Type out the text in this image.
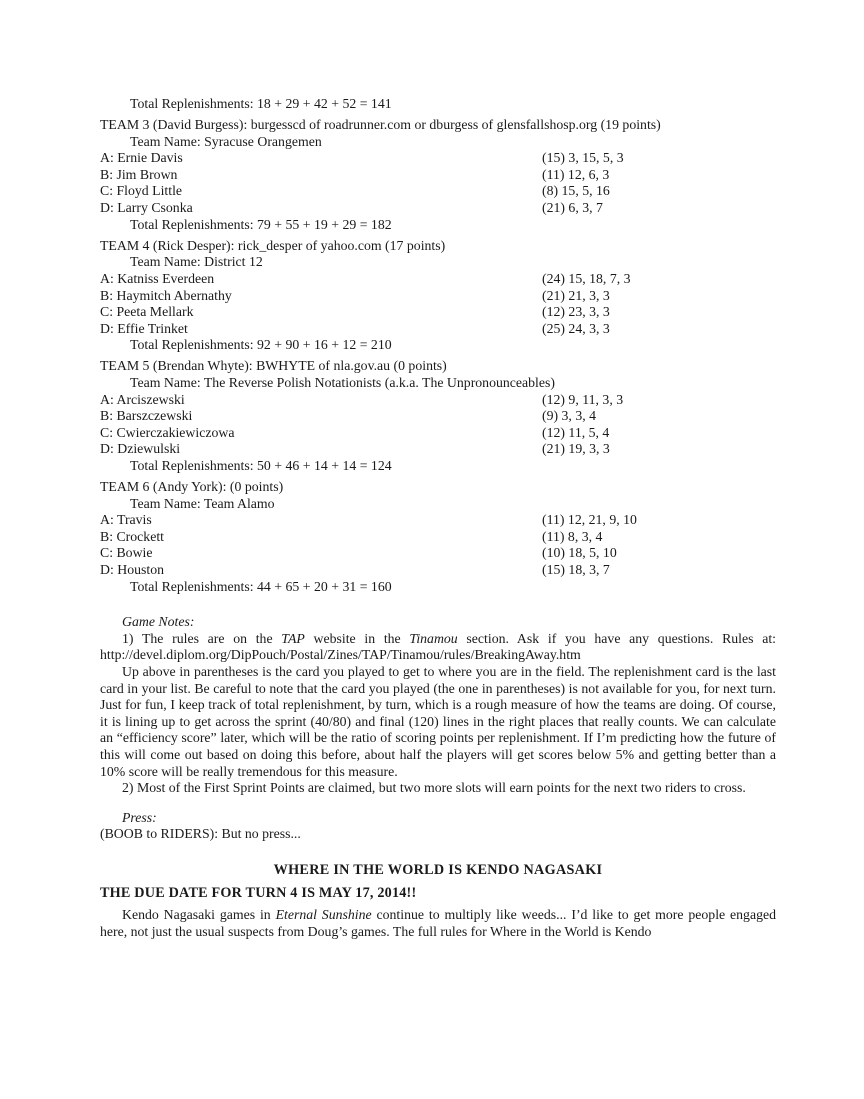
Total Replenishments: 18 + 29 + 42 + 52 = 141
TEAM 3 (David Burgess): burgesscd of roadrunner.com or dburgess of glensfallshosp.org (19 points)
Team Name: Syracuse Orangemen
A: Ernie Davis	(15) 3, 15, 5, 3
B: Jim Brown	(11) 12, 6, 3
C: Floyd Little	(8) 15, 5, 16
D: Larry Csonka	(21) 6, 3, 7
Total Replenishments: 79 + 55 + 19 + 29 = 182
TEAM 4 (Rick Desper): rick_desper of yahoo.com (17 points)
Team Name: District 12
A: Katniss Everdeen	(24) 15, 18, 7, 3
B: Haymitch Abernathy	(21) 21, 3, 3
C: Peeta Mellark	(12) 23, 3, 3
D: Effie Trinket	(25) 24, 3, 3
Total Replenishments: 92 + 90 + 16 + 12 = 210
TEAM 5 (Brendan Whyte): BWHYTE of nla.gov.au (0 points)
Team Name: The Reverse Polish Notationists (a.k.a. The Unpronounceables)
A: Arciszewski	(12) 9, 11, 3, 3
B: Barszczewski	(9) 3, 3, 4
C: Cwierczakiewiczowa	(12) 11, 5, 4
D: Dziewulski	(21) 19, 3, 3
Total Replenishments: 50 + 46 + 14 + 14 = 124
TEAM 6 (Andy York): (0 points)
Team Name: Team Alamo
A: Travis	(11) 12, 21, 9, 10
B: Crockett	(11) 8, 3, 4
C: Bowie	(10) 18, 5, 10
D: Houston	(15) 18, 3, 7
Total Replenishments: 44 + 65 + 20 + 31 = 160
Game Notes:

1) The rules are on the TAP website in the Tinamou section. Ask if you have any questions. Rules at:

http://devel.diplom.org/DipPouch/Postal/Zines/TAP/Tinamou/rules/BreakingAway.htm

Up above in parentheses is the card you played to get to where you are in the field. The replenishment card is the last card in your list. Be careful to note that the card you played (the one in parentheses) is not available for you, for next turn. Just for fun, I keep track of total replenishment, by turn, which is a rough measure of how the teams are doing. Of course, it is lining up to get across the sprint (40/80) and final (120) lines in the right places that really counts. We can calculate an “efficiency score” later, which will be the ratio of scoring points per replenishment. If I’m predicting how the future of this will come out based on doing this before, about half the players will get scores below 5% and getting better than a 10% score will be really tremendous for this measure.

2) Most of the First Sprint Points are claimed, but two more slots will earn points for the next two riders to cross.

Press:
(BOOB to RIDERS): But no press...
WHERE IN THE WORLD IS KENDO NAGASAKI
THE DUE DATE FOR TURN 4 IS MAY 17, 2014!!

Kendo Nagasaki games in Eternal Sunshine continue to multiply like weeds... I’d like to get more people engaged here, not just the usual suspects from Doug’s games. The full rules for Where in the World is Kendo
